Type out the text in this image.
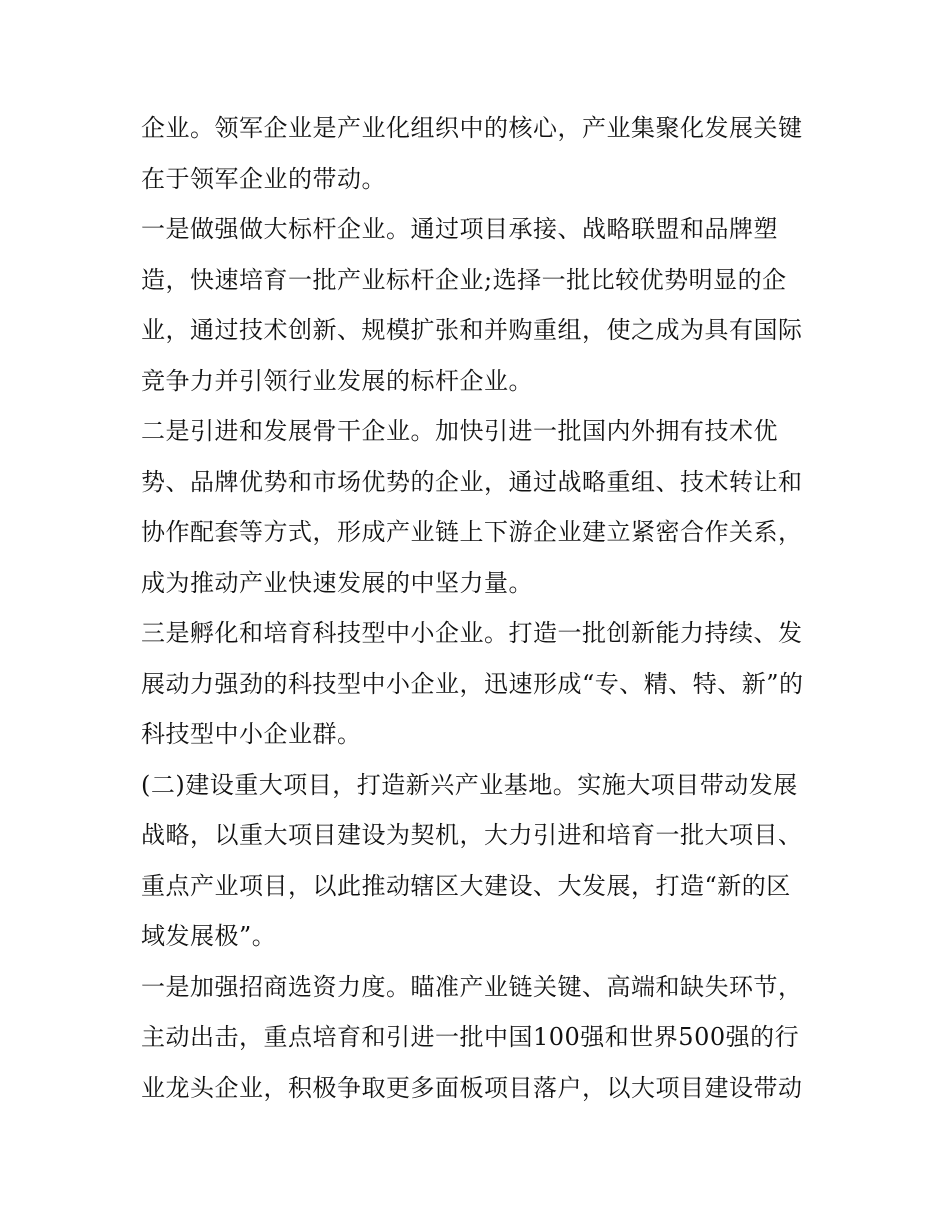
企业。领军企业是产业化组织中的核心，产业集聚化发展关键
在于领军企业的带动。
一是做强做大标杆企业。通过项目承接、战略联盟和品牌塑
造，快速培育一批产业标杆企业;选择一批比较优势明显的企
业，通过技术创新、规模扩张和并购重组，使之成为具有国际
竞争力并引领行业发展的标杆企业。
二是引进和发展骨干企业。加快引进一批国内外拥有技术优
势、品牌优势和市场优势的企业，通过战略重组、技术转让和
协作配套等方式，形成产业链上下游企业建立紧密合作关系，
成为推动产业快速发展的中坚力量。
三是孵化和培育科技型中小企业。打造一批创新能力持续、发
展动力强劲的科技型中小企业，迅速形成“专、精、特、新”的
科技型中小企业群。
(二)建设重大项目，打造新兴产业基地。实施大项目带动发展
战略，以重大项目建设为契机，大力引进和培育一批大项目、
重点产业项目，以此推动辖区大建设、大发展，打造“新的区
域发展极”。
一是加强招商选资力度。瞄准产业链关键、高端和缺失环节，
主动出击，重点培育和引进一批中国100强和世界500强的行
业龙头企业，积极争取更多面板项目落户，以大项目建设带动
